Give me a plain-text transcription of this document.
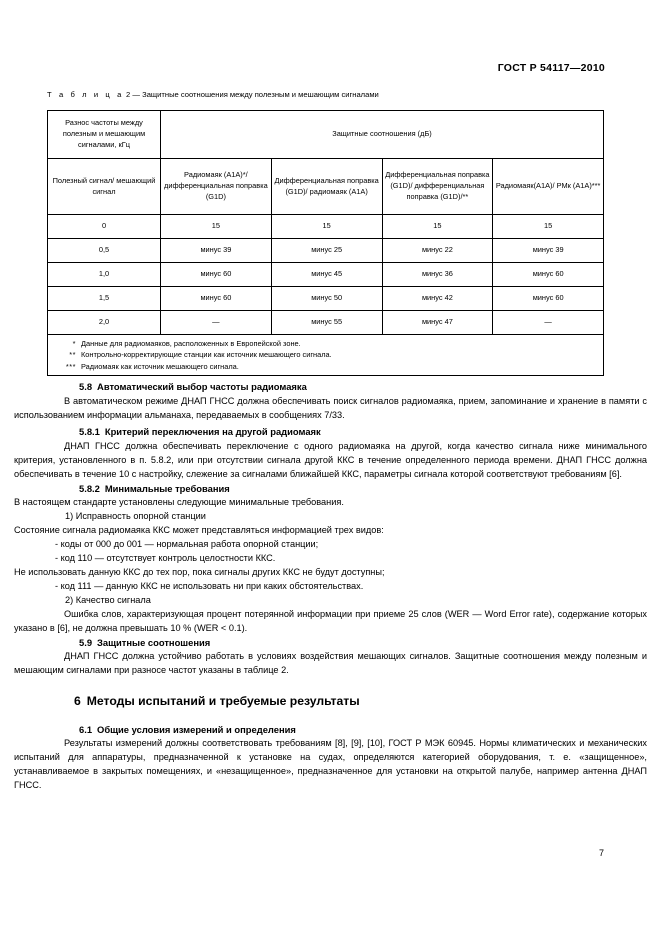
ГОСТ Р 54117—2010
Т а б л и ц а 2 — Защитные соотношения между полезным и мешающим сигналами
Разнос частоты между полезным и мешающим сигналами, кГц	Защитные соотношения (дБ)			
Полезный сигнал/ мешающий сигнал	Радиомаяк (А1А)*/ дифференциальная поправка (G1D)	Дифференциальная поправка (G1D)/ радиомаяк (А1А)	Дифференциальная поправка (G1D)/ дифференциальная поправка (G1D)/**	Радиомаяк(А1А)/ РМк (А1А)***
0	15	15	15	15
0,5	минус 39	минус 25	минус 22	минус 39
1,0	минус 60	минус 45	минус 36	минус 60
1,5	минус 60	минус 50	минус 42	минус 60
2,0	—	минус 55	минус 47	—

* Данные для радиомаяков, расположенных в Европейской зоне.
** Контрольно-корректирующие станции как источник мешающего сигнала.
*** Радиомаяк как источник мешающего сигнала.
5.8 Автоматический выбор частоты радиомаяка

В автоматическом режиме ДНАП ГНСС должна обеспечивать поиск сигналов радиомаяка, прием, запоминание и хранение в памяти с использованием информации альманаха, передаваемых в сообщениях 7/33.

5.8.1 Критерий переключения на другой радиомаяк

ДНАП ГНСС должна обеспечивать переключение с одного радиомаяка на другой, когда качество сигнала ниже минимального критерия, установленного в п. 5.8.2, или при отсутствии сигнала другой ККС в течение определенного периода времени. ДНАП ГНСС должна обеспечивать в течение 10 с настройку, слежение за сигналами ближайшей ККС, параметры сигнала которой соответствуют требованиям [6].

5.8.2 Минимальные требования

В настоящем стандарте установлены следующие минимальные требования.

1) Исправность опорной станции

Состояние сигнала радиомаяка ККС может представляться информацией трех видов:

- коды от 000 до 001 — нормальная работа опорной станции;

- код 110 — отсутствует контроль целостности ККС.

Не использовать данную ККС до тех пор, пока сигналы других ККС не будут доступны;

- код 111 — данную ККС не использовать ни при каких обстоятельствах.

2) Качество сигнала

Ошибка слов, характеризующая процент потерянной информации при приеме 25 слов (WER — Word Error rate), содержание которых указано в [6], не должна превышать 10 % (WER < 0.1).

5.9 Защитные соотношения

ДНАП ГНСС должна устойчиво работать в условиях воздействия мешающих сигналов. Защитные соотношения между полезным и мешающим сигналами при разносе частот указаны в таблице 2.

6 Методы испытаний и требуемые результаты
6.1 Общие условия измерений и определения

Результаты измерений должны соответствовать требованиям [8], [9], [10], ГОСТ Р МЭК 60945. Нормы климатических и механических испытаний для аппаратуры, предназначенной к установке на судах, определяются категорией оборудования, т. е. «защищенное», устанавливаемое в закрытых помещениях, и «незащищенное», предназначенное для установки на открытой палубе, например антенна ДНАП ГНСС.

7
